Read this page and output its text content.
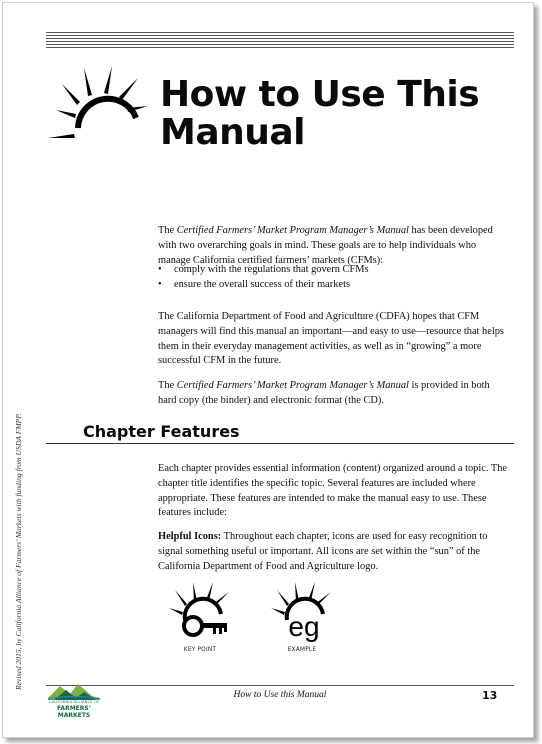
How to Use This
Manual

The Certified Farmers’ Market Program Manager’s Manual has been developed with two overarching goals in mind. These goals are to help individuals who manage California certified farmers’ markets (CFMs):

• comply with the regulations that govern CFMs
• ensure the overall success of their markets

The California Department of Food and Agriculture (CDFA) hopes that CFM managers will find this manual an important—and easy to use—resource that helps them in their everyday management activities, as well as in “growing” a more successful CFM in the future.

The Certified Farmers’ Market Program Manager’s Manual is provided in both hard copy (the binder) and electronic format (the CD).

Chapter Features

Each chapter provides essential information (content) organized around a topic. The chapter title identifies the specific topic. Several features are included where appropriate. These features are intended to make the manual easy to use. These features include:

Helpful Icons: Throughout each chapter, icons are used for easy recognition to signal something useful or important. All icons are set within the “sun” of the California Department of Food and Agriculture logo.

KEY POINT
eg
EXAMPLE
Revised 2015, by California Alliance of Farmers’ Markets with funding from USDA FMPP.
CALIFORNIA ALLIANCE OF
FARMERS’ MARKETS
How to Use this Manual	13
